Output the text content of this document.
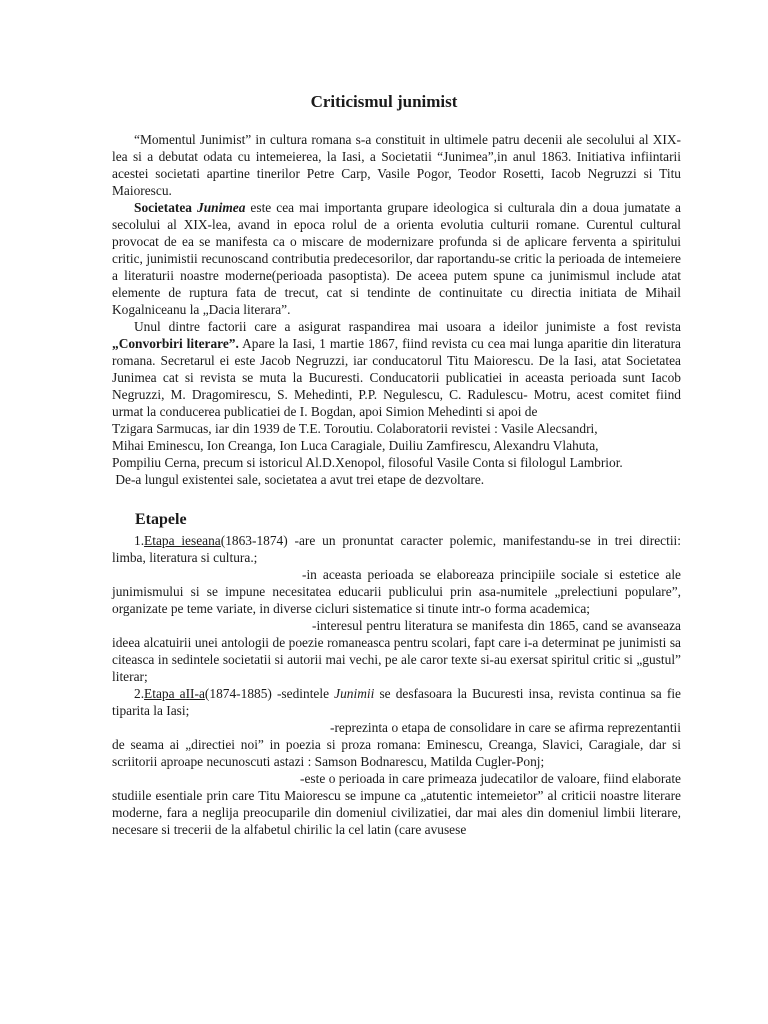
Criticismul junimist

“Momentul Junimist” in cultura romana s-a constituit in ultimele patru decenii ale secolului al XIX-lea si a debutat odata cu intemeierea, la Iasi, a Societatii “Junimea”,in anul 1863. Initiativa infiintarii acestei societati apartine tinerilor Petre Carp, Vasile Pogor, Teodor Rosetti, Iacob Negruzzi si Titu Maiorescu.

Societatea Junimea este cea mai importanta grupare ideologica si culturala din a doua jumatate a secolului al XIX-lea, avand in epoca rolul de a orienta evolutia culturii romane. Curentul cultural provocat de ea se manifesta ca o miscare de modernizare profunda si de aplicare ferventa a spiritului critic, junimistii recunoscand contributia predecesorilor, dar raportandu-se critic la perioada de intemeiere a literaturii noastre moderne(perioada pasoptista). De aceea putem spune ca junimismul include atat elemente de ruptura fata de trecut, cat si tendinte de continuitate cu directia initiata de Mihail Kogalniceanu la „Dacia literara”.

Unul dintre factorii care a asigurat raspandirea mai usoara a ideilor junimiste a fost revista „Convorbiri literare”. Apare la Iasi, 1 martie 1867, fiind revista cu cea mai lunga aparitie din literatura romana. Secretarul ei este Jacob Negruzzi, iar conducatorul Titu Maiorescu. De la Iasi, atat Societatea Junimea cat si revista se muta la Bucuresti. Conducatorii publicatiei in aceasta perioada sunt Iacob Negruzzi, M. Dragomirescu, S. Mehedinti, P.P. Negulescu, C. Radulescu- Motru, acest comitet fiind urmat la conducerea publicatiei de I. Bogdan, apoi Simion Mehedinti si apoi de

Tzigara Sarmucas, iar din 1939 de T.E. Toroutiu. Colaboratorii revistei : Vasile Alecsandri,

Mihai Eminescu, Ion Creanga, Ion Luca Caragiale, Duiliu Zamfirescu, Alexandru Vlahuta,

Pompiliu Cerna, precum si istoricul Al.D.Xenopol, filosoful Vasile Conta si filologul Lambrior.

De-a lungul existentei sale, societatea a avut trei etape de dezvoltare.

Etapele

1.Etapa ieseana(1863-1874) -are un pronuntat caracter polemic, manifestandu-se in trei directii: limba, literatura si cultura.;

-in aceasta perioada se elaboreaza principiile sociale si estetice ale junimismului si se impune necesitatea educarii publicului prin asa-numitele „prelectiuni populare”, organizate pe teme variate, in diverse cicluri sistematice si tinute intr-o forma academica;

-interesul pentru literatura se manifesta din 1865, cand se avanseaza ideea alcatuirii unei antologii de poezie romaneasca pentru scolari, fapt care i-a determinat pe junimisti sa citeasca in sedintele societatii si autorii mai vechi, pe ale caror texte si-au exersat spiritul critic si „gustul” literar;

2.Etapa aII-a(1874-1885) -sedintele Junimii se desfasoara la Bucuresti insa, revista continua sa fie tiparita la Iasi;

-reprezinta o etapa de consolidare in care se afirma reprezentantii de seama ai „directiei noi” in poezia si proza romana: Eminescu, Creanga, Slavici, Caragiale, dar si scriitorii aproape necunoscuti astazi : Samson Bodnarescu, Matilda Cugler-Ponj;

-este o perioada in care primeaza judecatilor de valoare, fiind elaborate studiile esentiale prin care Titu Maiorescu se impune ca „atutentic intemeietor” al criticii noastre literare moderne, fara a neglija preocuparile din domeniul civilizatiei, dar mai ales din domeniul limbii literare, necesare si trecerii de la alfabetul chirilic la cel latin (care avusese
